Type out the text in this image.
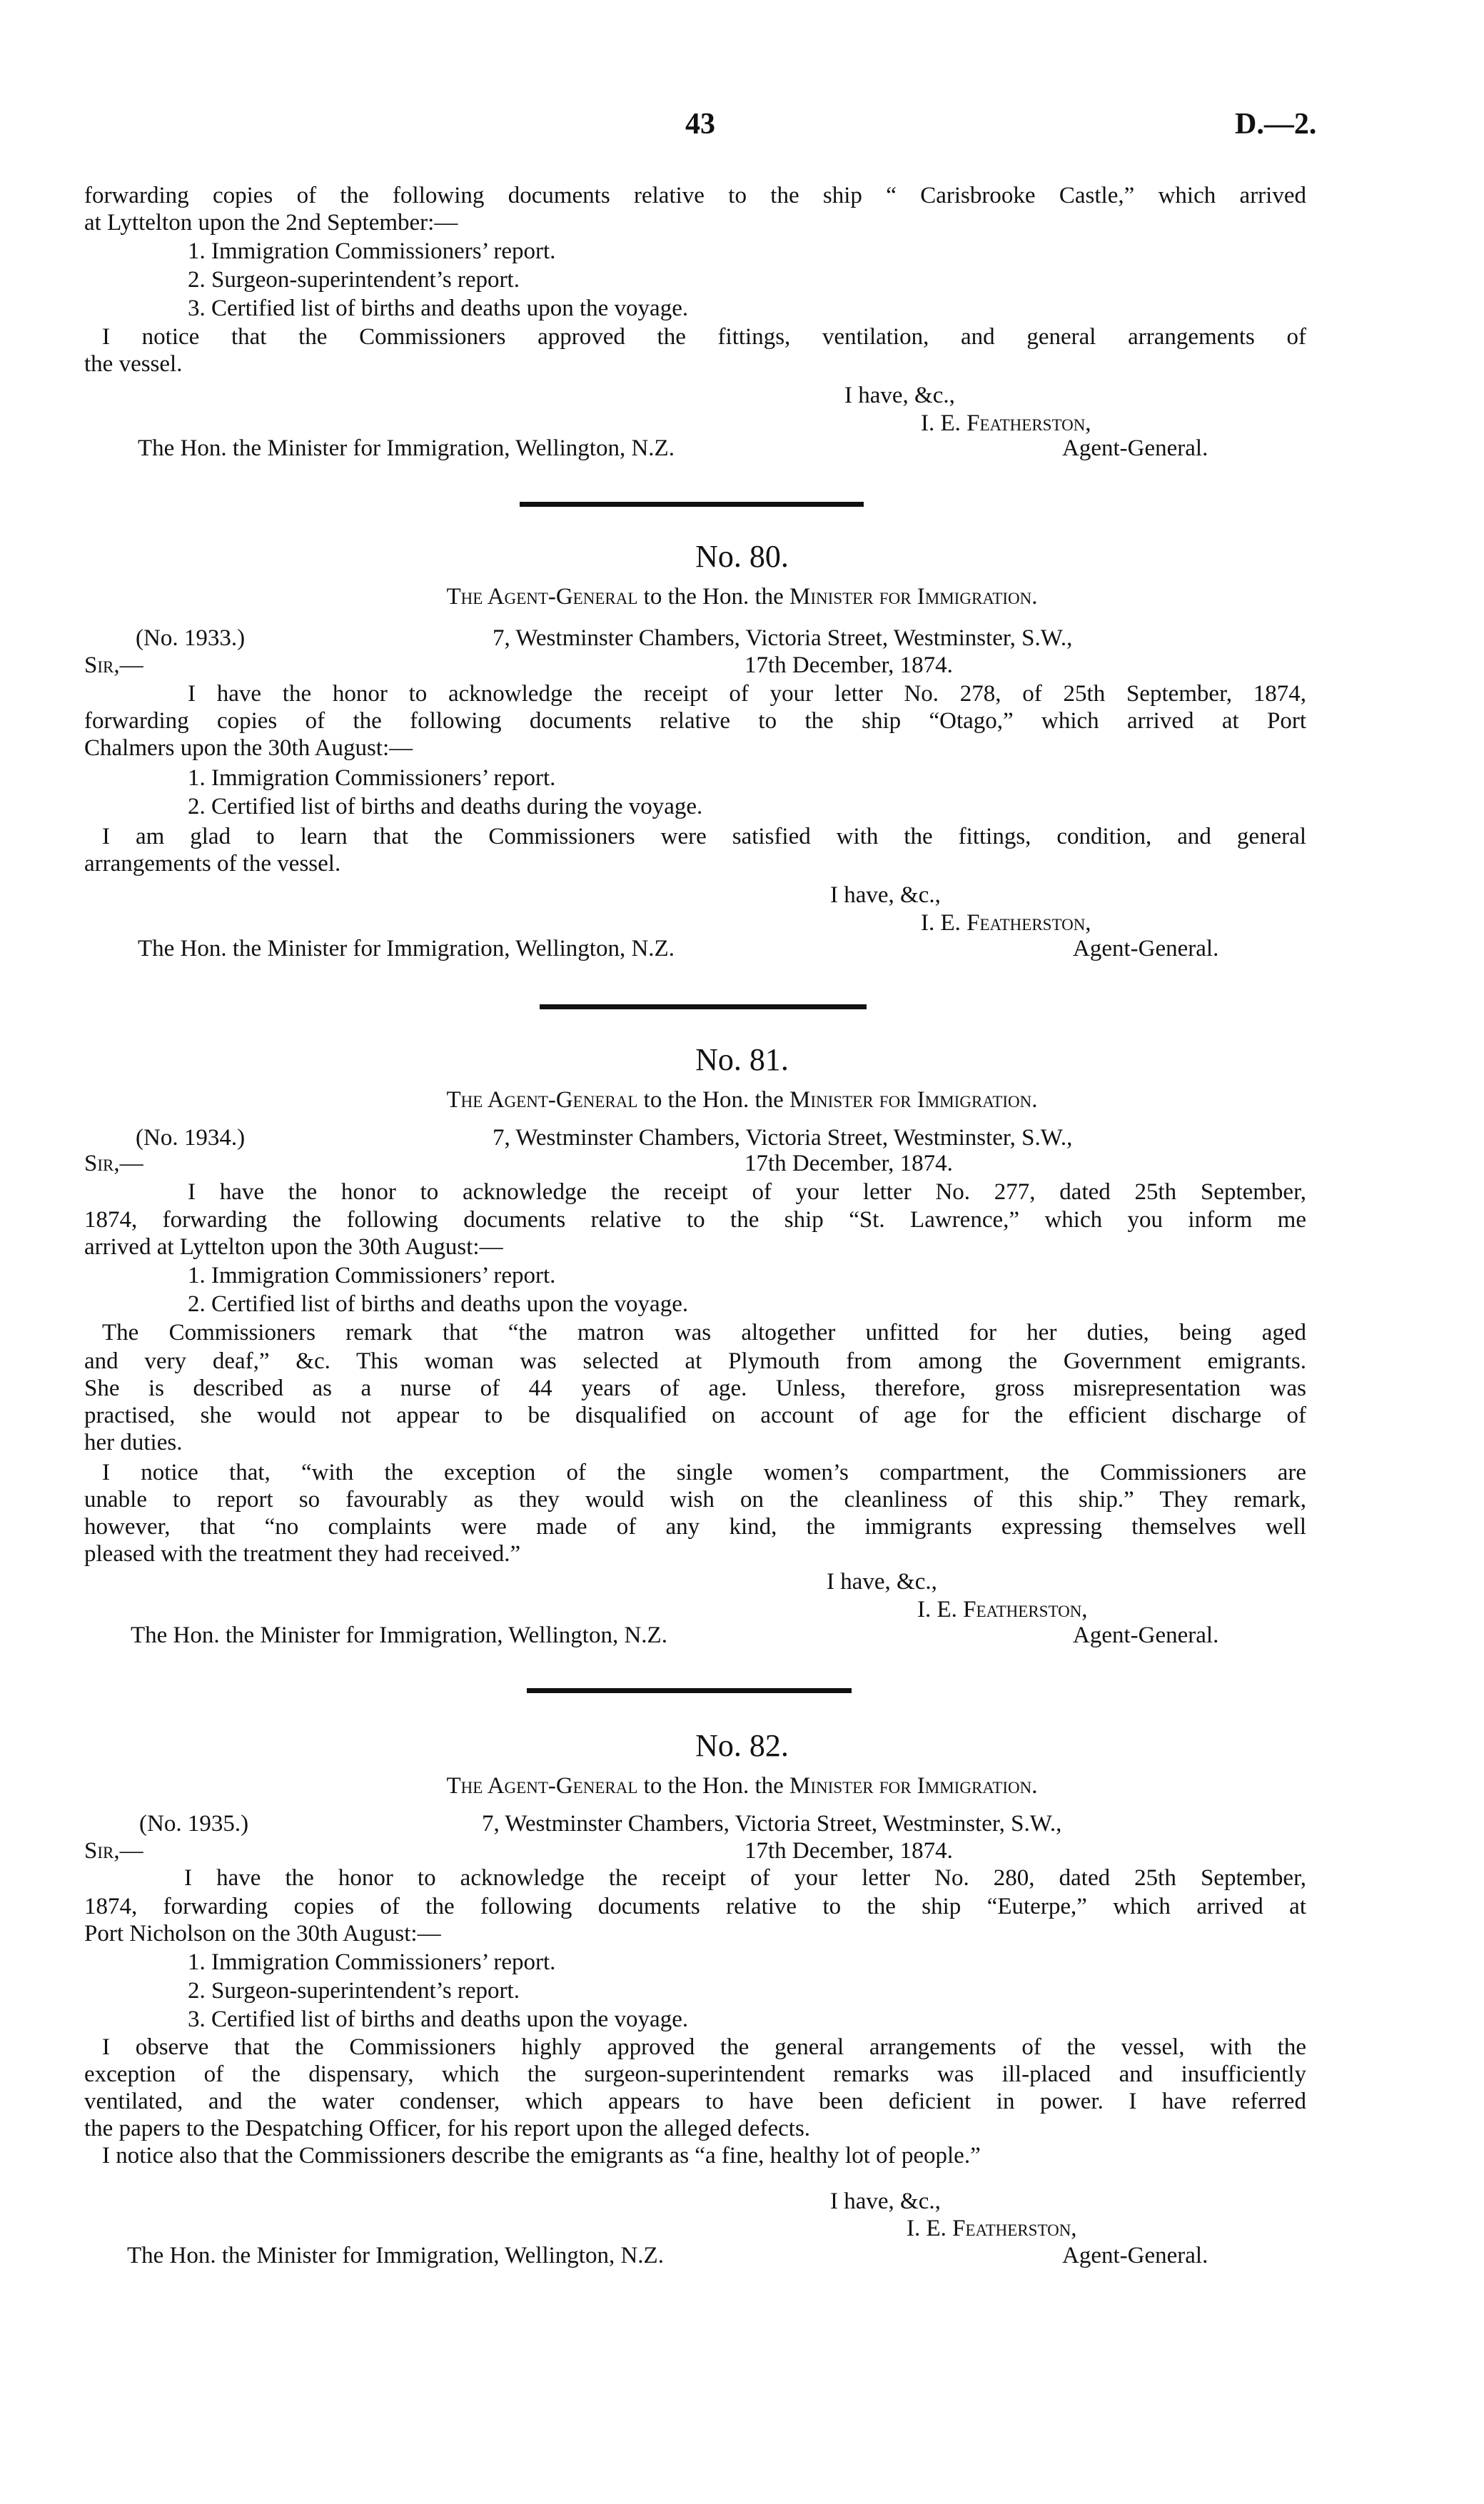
43	D.—2.
forwarding copies of the following documents relative to the ship “ Carisbrooke Castle,” which arrived
at Lyttelton upon the 2nd September:—
1. Immigration Commissioners’ report.
2. Surgeon-superintendent’s report.
3. Certified list of births and deaths upon the voyage.
I notice that the Commissioners approved the fittings, ventilation, and general arrangements of
the vessel.
I have, &c.,
I. E. Featherston,
The Hon. the Minister for Immigration, Wellington, N.Z.	Agent-General.
No. 80.
The Agent-General to the Hon. the Minister for Immigration.
(No. 1933.)	7, Westminster Chambers, Victoria Street, Westminster, S.W.,
Sir,—	17th December, 1874.
I have the honor to acknowledge the receipt of your letter No. 278, of 25th September, 1874,
forwarding copies of the following documents relative to the ship “Otago,” which arrived at Port
Chalmers upon the 30th August:—
1. Immigration Commissioners’ report.
2. Certified list of births and deaths during the voyage.
I am glad to learn that the Commissioners were satisfied with the fittings, condition, and general
arrangements of the vessel.
I have, &c.,
I. E. Featherston,
The Hon. the Minister for Immigration, Wellington, N.Z.	Agent-General.
No. 81.
The Agent-General to the Hon. the Minister for Immigration.
(No. 1934.)	7, Westminster Chambers, Victoria Street, Westminster, S.W.,
Sir,—	17th December, 1874.
I have the honor to acknowledge the receipt of your letter No. 277, dated 25th September,
1874, forwarding the following documents relative to the ship “St. Lawrence,” which you inform me
arrived at Lyttelton upon the 30th August:—
1. Immigration Commissioners’ report.
2. Certified list of births and deaths upon the voyage.
The Commissioners remark that “the matron was altogether unfitted for her duties, being aged
and very deaf,” &c. This woman was selected at Plymouth from among the Government emigrants.
She is described as a nurse of 44 years of age. Unless, therefore, gross misrepresentation was
practised, she would not appear to be disqualified on account of age for the efficient discharge of
her duties.
I notice that, “with the exception of the single women’s compartment, the Commissioners are
unable to report so favourably as they would wish on the cleanliness of this ship.” They remark,
however, that “no complaints were made of any kind, the immigrants expressing themselves well
pleased with the treatment they had received.”
I have, &c.,
I. E. Featherston,
The Hon. the Minister for Immigration, Wellington, N.Z.	Agent-General.
No. 82.
The Agent-General to the Hon. the Minister for Immigration.
(No. 1935.)	7, Westminster Chambers, Victoria Street, Westminster, S.W.,
Sir,—	17th December, 1874.
I have the honor to acknowledge the receipt of your letter No. 280, dated 25th September,
1874, forwarding copies of the following documents relative to the ship “Euterpe,” which arrived at
Port Nicholson on the 30th August:—
1. Immigration Commissioners’ report.
2. Surgeon-superintendent’s report.
3. Certified list of births and deaths upon the voyage.
I observe that the Commissioners highly approved the general arrangements of the vessel, with the
exception of the dispensary, which the surgeon-superintendent remarks was ill-placed and insufficiently
ventilated, and the water condenser, which appears to have been deficient in power. I have referred
the papers to the Despatching Officer, for his report upon the alleged defects.
I notice also that the Commissioners describe the emigrants as “a fine, healthy lot of people.”
I have, &c.,
I. E. Featherston,
The Hon. the Minister for Immigration, Wellington, N.Z.	Agent-General.
